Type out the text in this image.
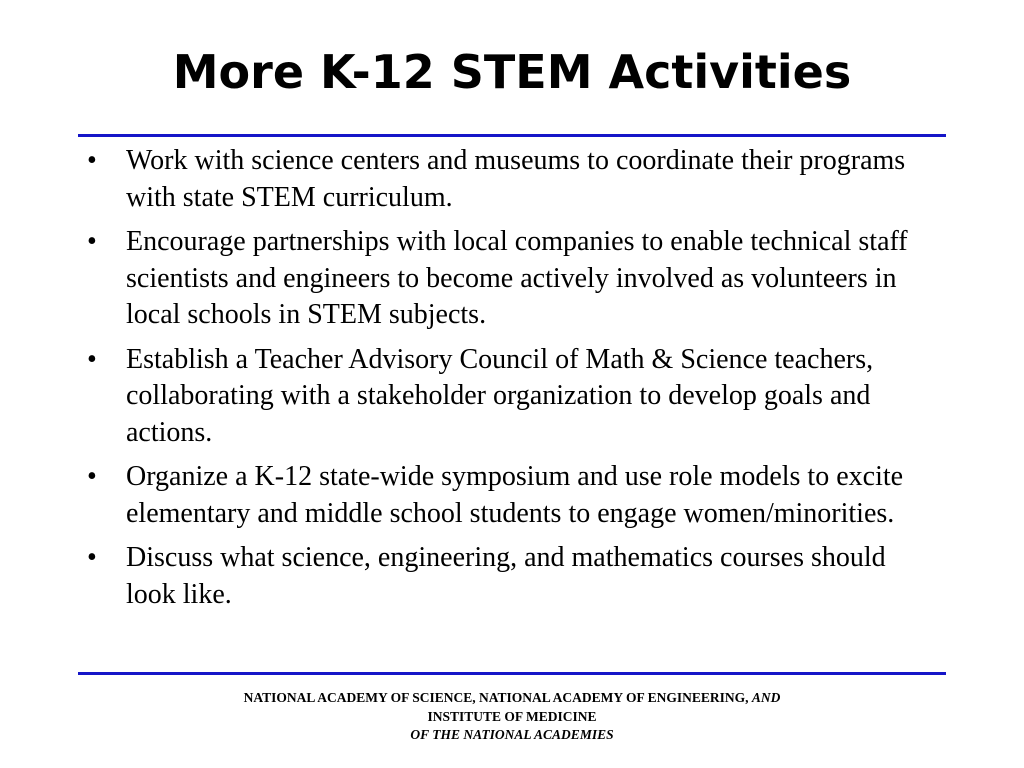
More K-12 STEM Activities
• Work with science centers and museums to coordinate their programs with state STEM curriculum.
• Encourage partnerships with local companies to enable technical staff scientists and engineers to become actively involved as volunteers in local schools in STEM subjects.
• Establish a Teacher Advisory Council of Math & Science teachers, collaborating with a stakeholder organization to develop goals and actions.
• Organize a K-12 state-wide symposium and use role models to excite elementary and middle school students to engage women/minorities.
• Discuss what science, engineering, and mathematics courses should look like.
NATIONAL ACADEMY OF SCIENCE, NATIONAL ACADEMY OF ENGINEERING, AND
INSTITUTE OF MEDICINE
OF THE NATIONAL ACADEMIES
